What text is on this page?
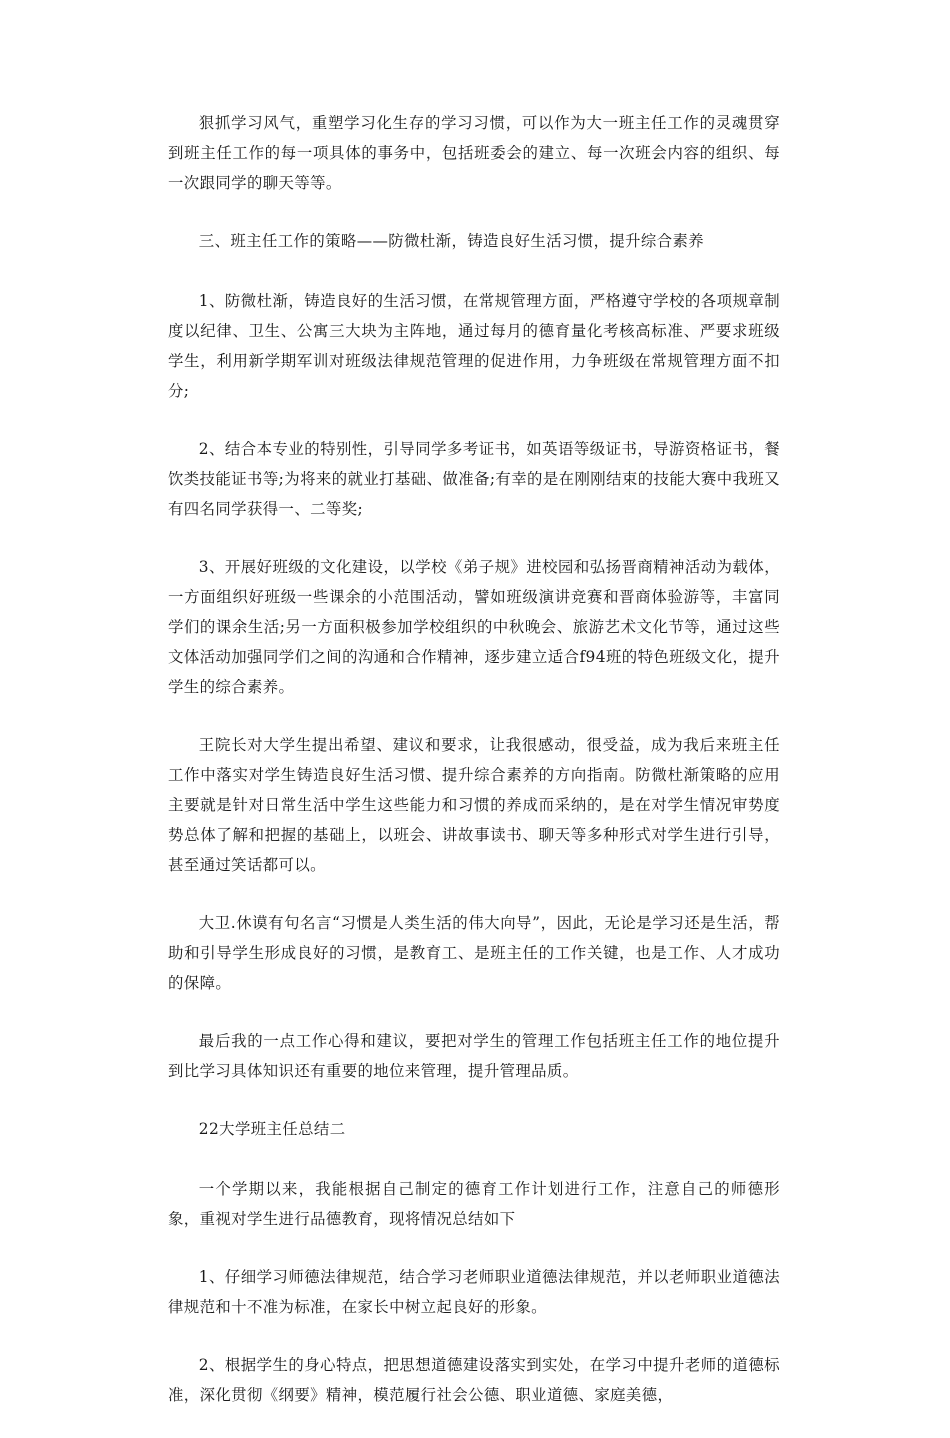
狠抓学习风气，重塑学习化生存的学习习惯，可以作为大一班主任工作的灵魂贯穿到班主任工作的每一项具体的事务中，包括班委会的建立、每一次班会内容的组织、每一次跟同学的聊天等等。

三、班主任工作的策略——防微杜渐，铸造良好生活习惯，提升综合素养

1、防微杜渐，铸造良好的生活习惯，在常规管理方面，严格遵守学校的各项规章制度以纪律、卫生、公寓三大块为主阵地，通过每月的德育量化考核高标准、严要求班级学生，利用新学期军训对班级法律规范管理的促进作用，力争班级在常规管理方面不扣分;

2、结合本专业的特别性，引导同学多考证书，如英语等级证书，导游资格证书，餐饮类技能证书等;为将来的就业打基础、做准备;有幸的是在刚刚结束的技能大赛中我班又有四名同学获得一、二等奖;

3、开展好班级的文化建设，以学校《弟子规》进校园和弘扬晋商精神活动为载体，一方面组织好班级一些课余的小范围活动，譬如班级演讲竞赛和晋商体验游等，丰富同学们的课余生活;另一方面积极参加学校组织的中秋晚会、旅游艺术文化节等，通过这些文体活动加强同学们之间的沟通和合作精神，逐步建立适合f94班的特色班级文化，提升学生的综合素养。

王院长对大学生提出希望、建议和要求，让我很感动，很受益，成为我后来班主任工作中落实对学生铸造良好生活习惯、提升综合素养的方向指南。防微杜渐策略的应用主要就是针对日常生活中学生这些能力和习惯的养成而采纳的，是在对学生情况审势度势总体了解和把握的基础上，以班会、讲故事读书、聊天等多种形式对学生进行引导，甚至通过笑话都可以。

大卫.休谟有句名言“习惯是人类生活的伟大向导”，因此，无论是学习还是生活，帮助和引导学生形成良好的习惯，是教育工、是班主任的工作关键，也是工作、人才成功的保障。

最后我的一点工作心得和建议，要把对学生的管理工作包括班主任工作的地位提升到比学习具体知识还有重要的地位来管理，提升管理品质。

22大学班主任总结二

一个学期以来，我能根据自己制定的德育工作计划进行工作，注意自己的师德形象，重视对学生进行品德教育，现将情况总结如下

1、仔细学习师德法律规范，结合学习老师职业道德法律规范，并以老师职业道德法律规范和十不准为标准，在家长中树立起良好的形象。

2、根据学生的身心特点，把思想道德建设落实到实处，在学习中提升老师的道德标准，深化贯彻《纲要》精神，模范履行社会公德、职业道德、家庭美德，
